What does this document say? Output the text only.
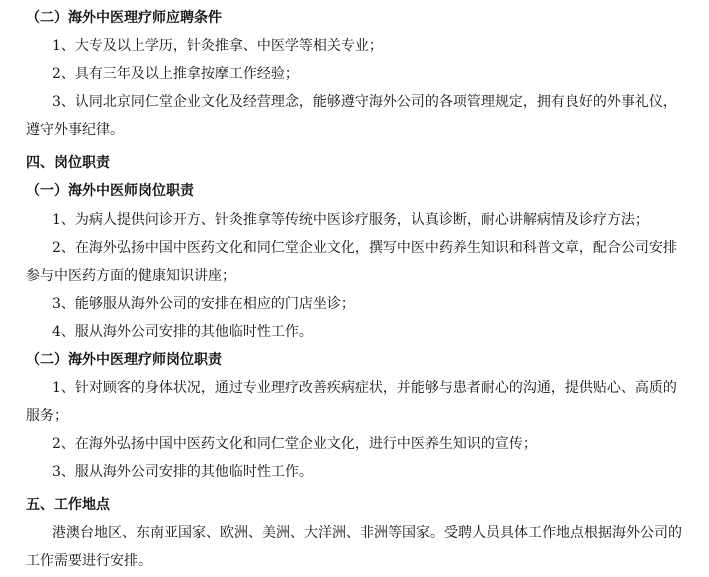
（二）海外中医理疗师应聘条件
1、大专及以上学历，针灸推拿、中医学等相关专业；
2、具有三年及以上推拿按摩工作经验；
3、认同北京同仁堂企业文化及经营理念，能够遵守海外公司的各项管理规定，拥有良好的外事礼仪，
遵守外事纪律。
四、岗位职责
（一）海外中医师岗位职责
1、为病人提供问诊开方、针灸推拿等传统中医诊疗服务，认真诊断，耐心讲解病情及诊疗方法；
2、在海外弘扬中国中医药文化和同仁堂企业文化，撰写中医中药养生知识和科普文章，配合公司安排
参与中医药方面的健康知识讲座；
3、能够服从海外公司的安排在相应的门店坐诊；
4、服从海外公司安排的其他临时性工作。
（二）海外中医理疗师岗位职责
1、针对顾客的身体状况，通过专业理疗改善疾病症状，并能够与患者耐心的沟通，提供贴心、高质的
服务；
2、在海外弘扬中国中医药文化和同仁堂企业文化，进行中医养生知识的宣传；
3、服从海外公司安排的其他临时性工作。
五、工作地点
港澳台地区、东南亚国家、欧洲、美洲、大洋洲、非洲等国家。受聘人员具体工作地点根据海外公司的
工作需要进行安排。
